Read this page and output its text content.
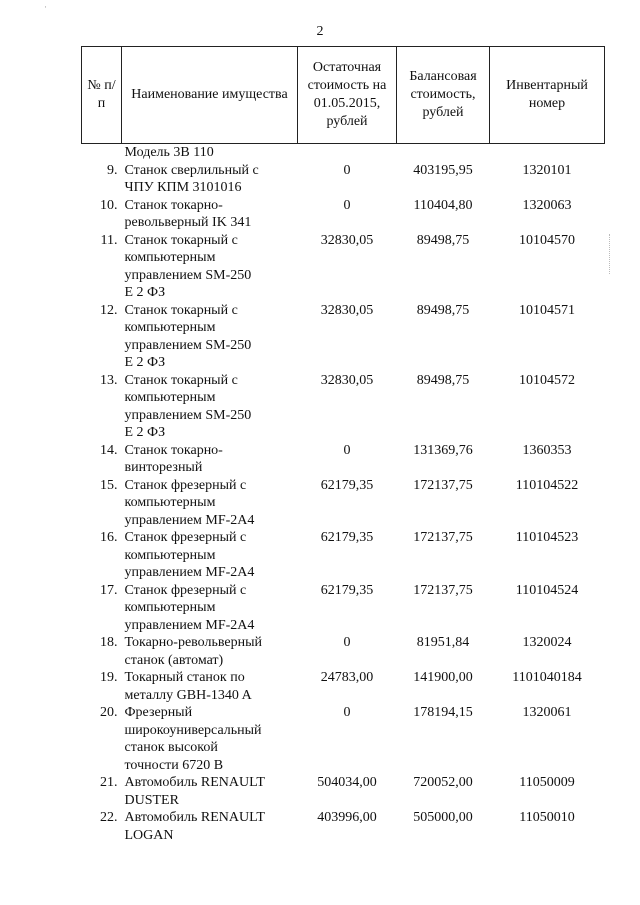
2
·
№ п/п	Наименование имущества	Остаточная стоимость на 01.05.2015, рублей	Балансовая стоимость, рублей	Инвентарный номер
	Модель 3В 110			
9.	Станок сверлильный с
ЧПУ КПМ 3101016	0	403195,95	1320101
10.	Станок токарно-
револьверный IK 341	0	110404,80	1320063
11.	Станок токарный с
компьютерным
управлением SM-250
E 2 ФЗ	32830,05	89498,75	10104570
12.	Станок токарный с
компьютерным
управлением SM-250
E 2 ФЗ	32830,05	89498,75	10104571
13.	Станок токарный с
компьютерным
управлением SM-250
E 2 ФЗ	32830,05	89498,75	10104572
14.	Станок токарно-
винторезный	0	131369,76	1360353
15.	Станок фрезерный с
компьютерным
управлением MF-2A4	62179,35	172137,75	110104522
16.	Станок фрезерный с
компьютерным
управлением MF-2A4	62179,35	172137,75	110104523
17.	Станок фрезерный с
компьютерным
управлением MF-2A4	62179,35	172137,75	110104524
18.	Токарно-револьверный
станок (автомат)	0	81951,84	1320024
19.	Токарный станок по
металлу GBH-1340 A	24783,00	141900,00	1101040184
20.	Фрезерный
широкоуниверсальный
станок высокой
точности 6720 В	0	178194,15	1320061
21.	Автомобиль RENAULT
DUSTER	504034,00	720052,00	11050009
22.	Автомобиль RENAULT
LOGAN	403996,00	505000,00	11050010
